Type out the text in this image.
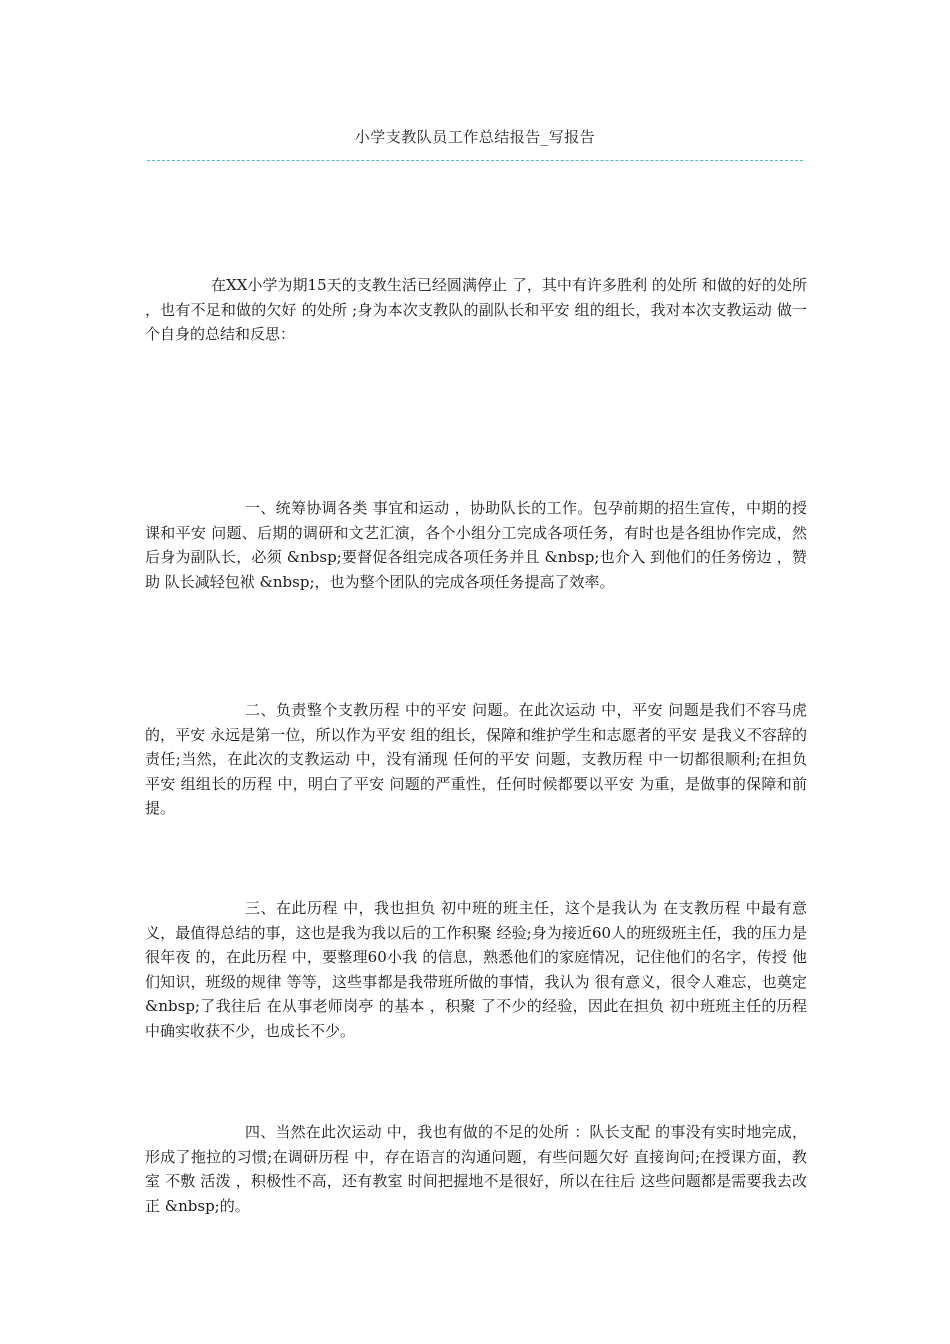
小学支教队员工作总结报告_写报告

在XX小学为期15天的支教生活已经圆满停止 了，其中有许多胜利 的处所 和做的好的处所 ，也有不足和做的欠好 的处所 ;身为本次支教队的副队长和平安 组的组长，我对本次支教运动 做一个自身的总结和反思：

一、统筹协调各类 事宜和运动 ，协助队长的工作。包孕前期的招生宣传，中期的授课和平安 问题、后期的调研和文艺汇演，各个小组分工完成各项任务，有时也是各组协作完成，然后身为副队长，必须 &nbsp;要督促各组完成各项任务并且 &nbsp;也介入 到他们的任务傍边 ，赞助 队长减轻包袱 &nbsp;，也为整个团队的完成各项任务提高了效率。

二、负责整个支教历程 中的平安 问题。在此次运动 中，平安 问题是我们不容马虎的，平安 永远是第一位，所以作为平安 组的组长，保障和维护学生和志愿者的平安 是我义不容辞的责任;当然，在此次的支教运动 中，没有涌现 任何的平安 问题，支教历程 中一切都很顺利;在担负 平安 组组长的历程 中，明白了平安 问题的严重性，任何时候都要以平安 为重，是做事的保障和前提。

三、在此历程 中，我也担负 初中班的班主任，这个是我认为 在支教历程 中最有意义，最值得总结的事，这也是我为我以后的工作积聚 经验;身为接近60人的班级班主任，我的压力是很年夜 的，在此历程 中，要整理60小我 的信息，熟悉他们的家庭情况，记住他们的名字，传授 他们知识，班级的规律 等等，这些事都是我带班所做的事情，我认为 很有意义，很令人难忘，也奠定 &nbsp;了我往后 在从事老师岗亭 的基本 ，积聚 了不少的经验，因此在担负 初中班班主任的历程 中确实收获不少，也成长不少。

四、当然在此次运动 中，我也有做的不足的处所 ：队长支配 的事没有实时地完成，形成了拖拉的习惯;在调研历程 中，存在语言的沟通问题，有些问题欠好 直接询问;在授课方面，教室 不敷 活泼 ，积极性不高，还有教室 时间把握地不是很好，所以在往后 这些问题都是需要我去改正 &nbsp;的。
